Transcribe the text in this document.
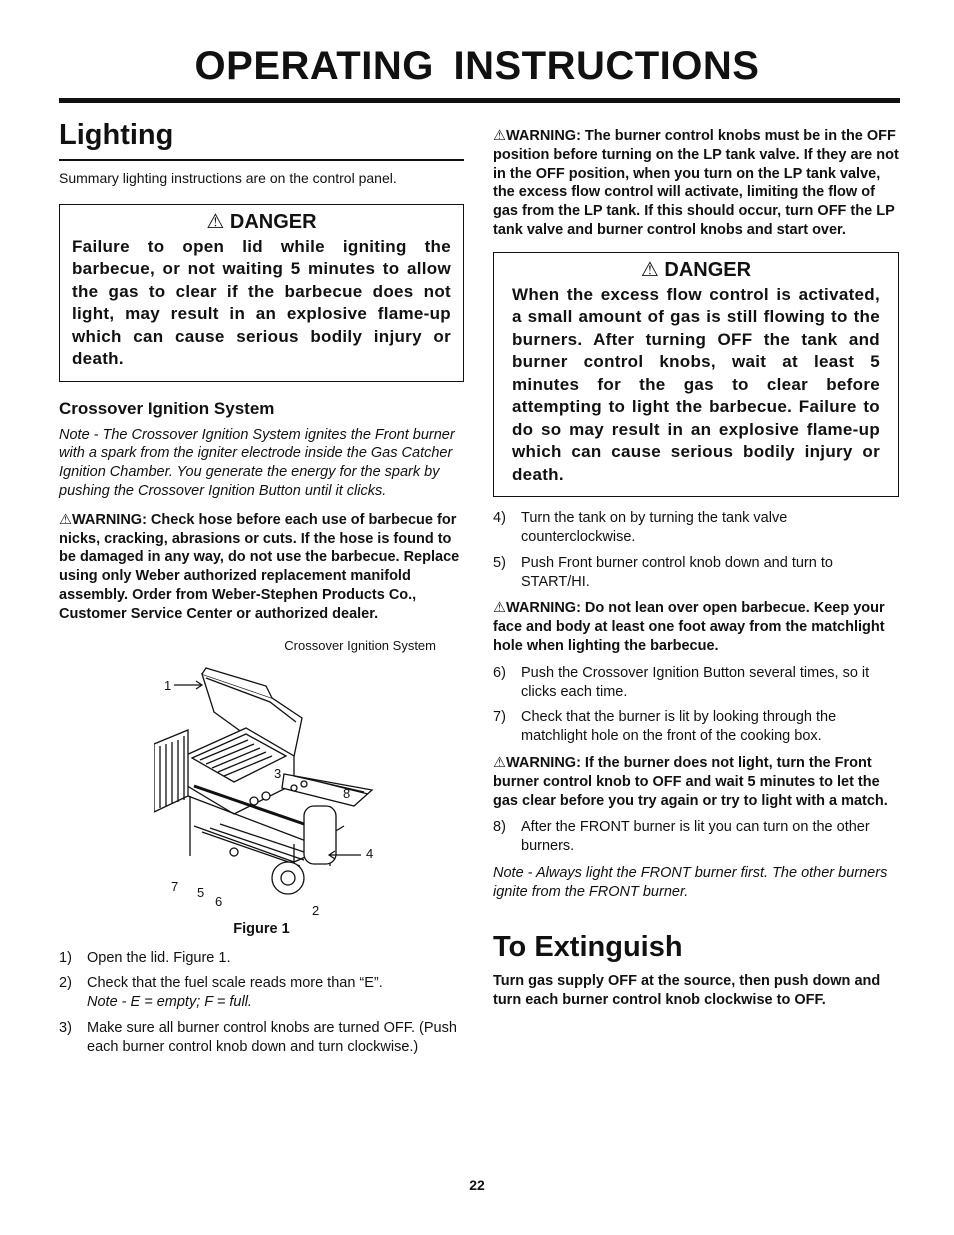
OPERATING INSTRUCTIONS
Lighting

Summary lighting instructions are on the control panel.

⚠ DANGER
Failure to open lid while igniting the barbecue, or not waiting 5 minutes to allow the gas to clear if the barbecue does not light, may result in an explosive flame-up which can cause serious bodily injury or death.
Crossover Ignition System

Note - The Crossover Ignition System ignites the Front burner with a spark from the igniter electrode inside the Gas Catcher Ignition Chamber. You generate the energy for the spark by pushing the Crossover Ignition Button until it clicks.

⚠WARNING: Check hose before each use of barbecue for nicks, cracking, abrasions or cuts. If the hose is found to be damaged in any way, do not use the barbecue. Replace using only Weber authorized replacement manifold assembly. Order from Weber-Stephen Products Co., Customer Service Center or authorized dealer.

Crossover Ignition System
1
2
3
4
5
6
7
8
Figure 1
1)	Open the lid. Figure 1.
2)	Check that the fuel scale reads more than “E”.
Note - E = empty; F = full.
3)	Make sure all burner control knobs are turned OFF. (Push each burner control knob down and turn clockwise.)

⚠WARNING: The burner control knobs must be in the OFF position before turning on the LP tank valve. If they are not in the OFF position, when you turn on the LP tank valve, the excess flow control will activate, limiting the flow of gas from the LP tank. If this should occur, turn OFF the LP tank valve and burner control knobs and start over.

⚠ DANGER
When the excess flow control is activated, a small amount of gas is still flowing to the burners. After turning OFF the tank and burner control knobs, wait at least 5 minutes for the gas to clear before attempting to light the barbecue. Failure to do so may result in an explosive flame-up which can cause serious bodily injury or death.
4)	Turn the tank on by turning the tank valve counterclockwise.
5)	Push Front burner control knob down and turn to START/HI.

⚠WARNING: Do not lean over open barbecue. Keep your face and body at least one foot away from the matchlight hole when lighting the barbecue.

6)	Push the Crossover Ignition Button several times, so it clicks each time.
7)	Check that the burner is lit by looking through the matchlight hole on the front of the cooking box.

⚠WARNING: If the burner does not light, turn the Front burner control knob to OFF and wait 5 minutes to let the gas clear before you try again or try to light with a match.

8)	After the FRONT burner is lit you can turn on the other burners.

Note - Always light the FRONT burner first. The other burners ignite from the FRONT burner.

To Extinguish

Turn gas supply OFF at the source, then push down and turn each burner control knob clockwise to OFF.

22
